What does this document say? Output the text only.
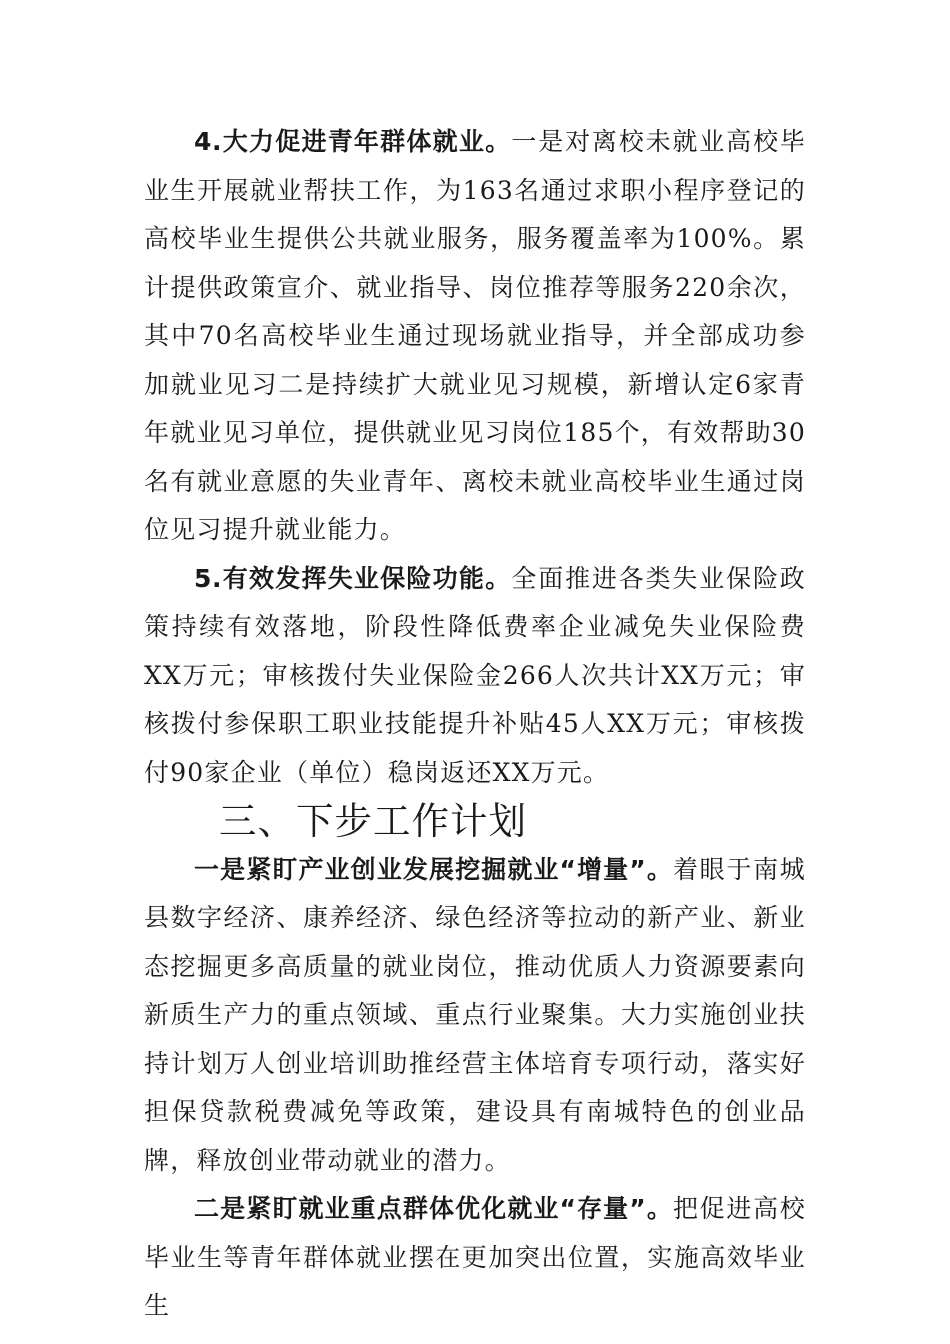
4.大力促进青年群体就业。一是对离校未就业高校毕业生开展就业帮扶工作，为163名通过求职小程序登记的高校毕业生提供公共就业服务，服务覆盖率为100%。累计提供政策宣介、就业指导、岗位推荐等服务220余次，其中70名高校毕业生通过现场就业指导，并全部成功参加就业见习二是持续扩大就业见习规模，新增认定6家青年就业见习单位，提供就业见习岗位185个，有效帮助30名有就业意愿的失业青年、离校未就业高校毕业生通过岗位见习提升就业能力。

5.有效发挥失业保险功能。全面推进各类失业保险政策持续有效落地，阶段性降低费率企业减免失业保险费XX万元；审核拨付失业保险金266人次共计XX万元；审核拨付参保职工职业技能提升补贴45人XX万元；审核拨付90家企业（单位）稳岗返还XX万元。

三、下步工作计划

一是紧盯产业创业发展挖掘就业“增量”。着眼于南城县数字经济、康养经济、绿色经济等拉动的新产业、新业态挖掘更多高质量的就业岗位，推动优质人力资源要素向新质生产力的重点领域、重点行业聚集。大力实施创业扶持计划万人创业培训助推经营主体培育专项行动，落实好担保贷款税费减免等政策，建设具有南城特色的创业品牌，释放创业带动就业的潜力。

二是紧盯就业重点群体优化就业“存量”。把促进高校毕业生等青年群体就业摆在更加突出位置，实施高效毕业生
